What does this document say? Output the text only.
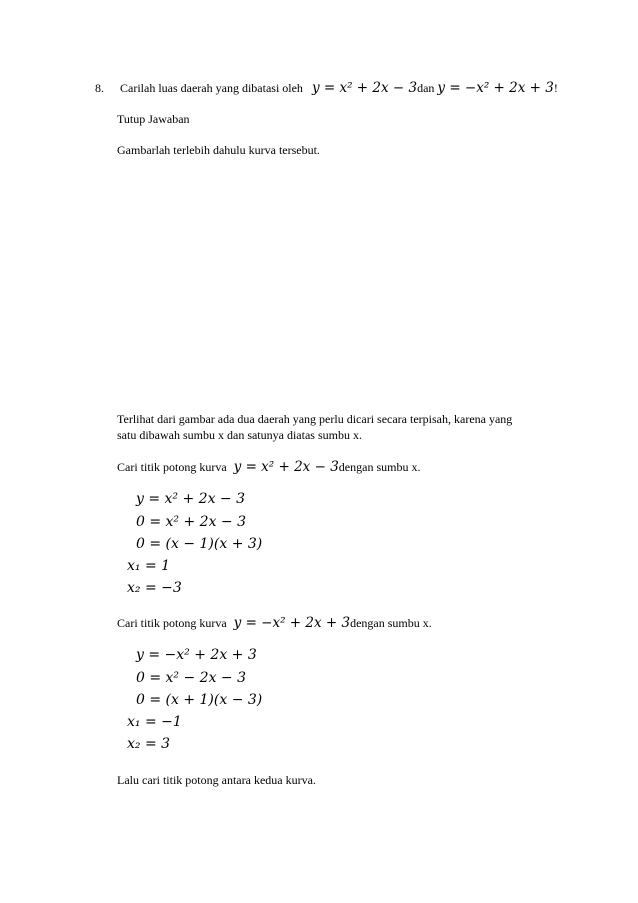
8. Carilah luas daerah yang dibatasi oleh y = x² + 2x − 3dan y = −x² + 2x + 3!
Tutup Jawaban
Gambarlah terlebih dahulu kurva tersebut.
Terlihat dari gambar ada dua daerah yang perlu dicari secara terpisah, karena yang
satu dibawah sumbu x dan satunya diatas sumbu x.
Cari titik potong kurva y = x² + 2x − 3dengan sumbu x.
y = x² + 2x − 3
0 = x² + 2x − 3
0 = (x − 1)(x + 3)
x₁ = 1
x₂ = −3
Cari titik potong kurva y = −x² + 2x + 3dengan sumbu x.
y = −x² + 2x + 3
0 = x² − 2x − 3
0 = (x + 1)(x − 3)
x₁ = −1
x₂ = 3
Lalu cari titik potong antara kedua kurva.
